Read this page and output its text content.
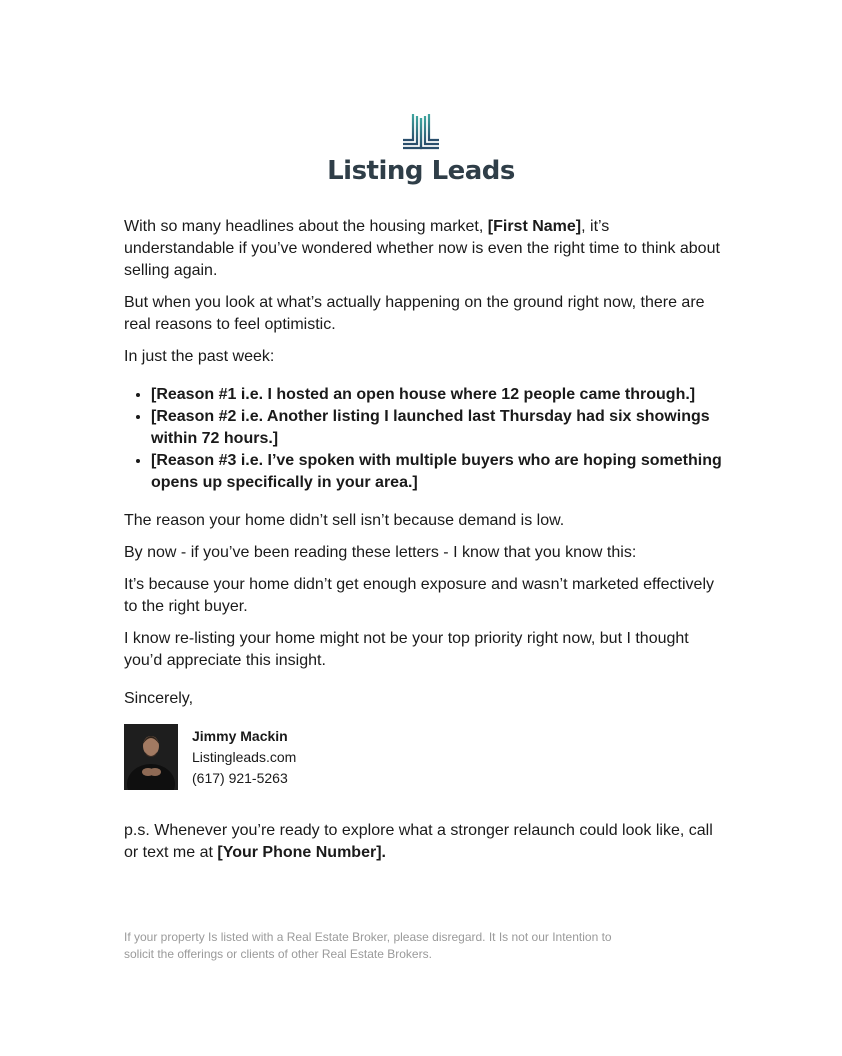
Listing Leads

With so many headlines about the housing market, [First Name], it’s understandable if you’ve wondered whether now is even the right time to think about selling again.

But when you look at what’s actually happening on the ground right now, there are real reasons to feel optimistic.

In just the past week:

• [Reason #1 i.e. I hosted an open house where 12 people came through.]
• [Reason #2 i.e. Another listing I launched last Thursday had six showings within 72 hours.]
• [Reason #3 i.e. I’ve spoken with multiple buyers who are hoping something opens up specifically in your area.]

The reason your home didn’t sell isn’t because demand is low.

By now - if you’ve been reading these letters - I know that you know this:

It’s because your home didn’t get enough exposure and wasn’t marketed effectively to the right buyer.

I know re-listing your home might not be your top priority right now, but I thought you’d appreciate this insight.

Sincerely,

Jimmy Mackin
Listingleads.com
(617) 921-5263

p.s. Whenever you’re ready to explore what a stronger relaunch could look like, call or text me at [Your Phone Number].

If your property Is listed with a Real Estate Broker, please disregard. It Is not our Intention to solicit the offerings or clients of other Real Estate Brokers.
